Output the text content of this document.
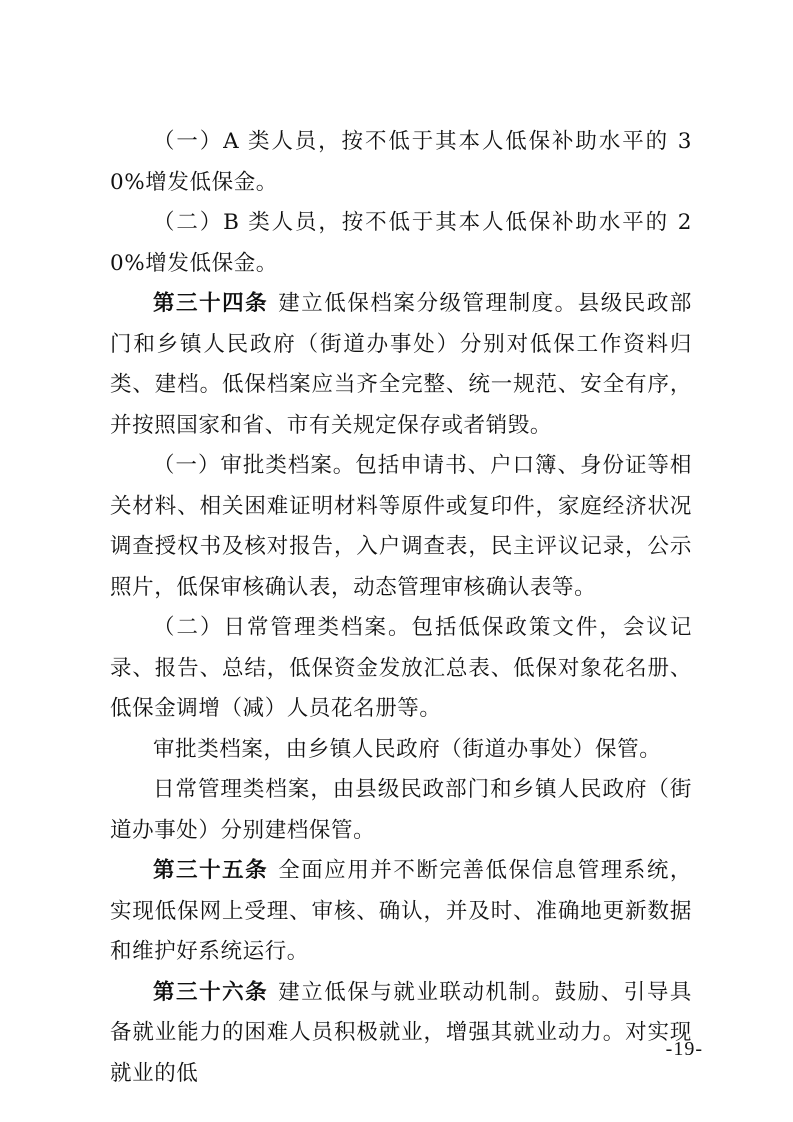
（一）A 类人员，按不低于其本人低保补助水平的 30%增发低保金。

（二）B 类人员，按不低于其本人低保补助水平的 20%增发低保金。

第三十四条 建立低保档案分级管理制度。县级民政部门和乡镇人民政府（街道办事处）分别对低保工作资料归类、建档。低保档案应当齐全完整、统一规范、安全有序，并按照国家和省、市有关规定保存或者销毁。

（一）审批类档案。包括申请书、户口簿、身份证等相关材料、相关困难证明材料等原件或复印件，家庭经济状况调查授权书及核对报告，入户调查表，民主评议记录，公示照片，低保审核确认表，动态管理审核确认表等。

（二）日常管理类档案。包括低保政策文件，会议记录、报告、总结，低保资金发放汇总表、低保对象花名册、低保金调增（减）人员花名册等。

审批类档案，由乡镇人民政府（街道办事处）保管。

日常管理类档案，由县级民政部门和乡镇人民政府（街道办事处）分别建档保管。

第三十五条 全面应用并不断完善低保信息管理系统，实现低保网上受理、审核、确认，并及时、准确地更新数据和维护好系统运行。

第三十六条 建立低保与就业联动机制。鼓励、引导具备就业能力的困难人员积极就业，增强其就业动力。对实现就业的低

-19-
